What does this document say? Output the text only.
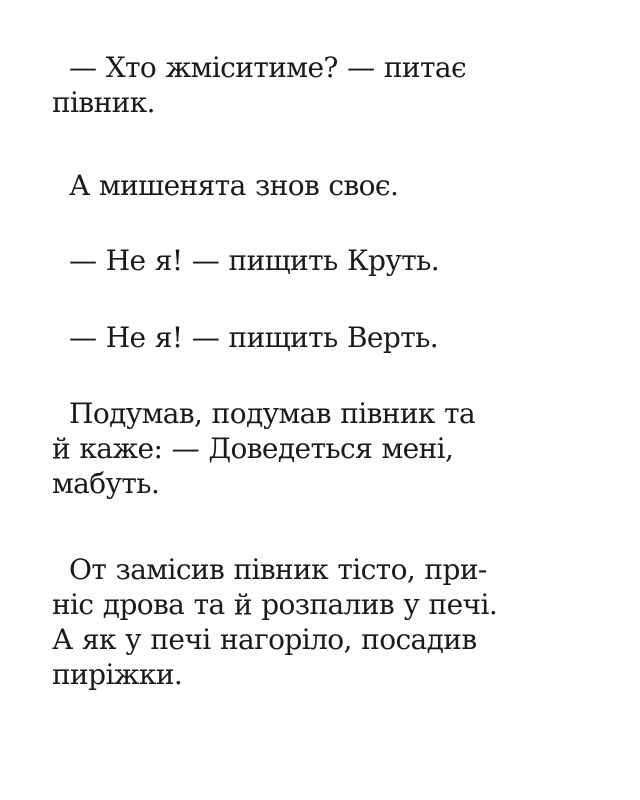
— Хто жміситиме? — питає
півник.

А мишенята знов своє.

— Не я! — пищить Круть.

— Не я! — пищить Верть.

Подумав, подумав півник та
й каже: — Доведеться мені,
мабуть.

От замісив півник тісто, при-
ніс дрова та й розпалив у печі.
А як у печі нагоріло, посадив
пиріжки.
